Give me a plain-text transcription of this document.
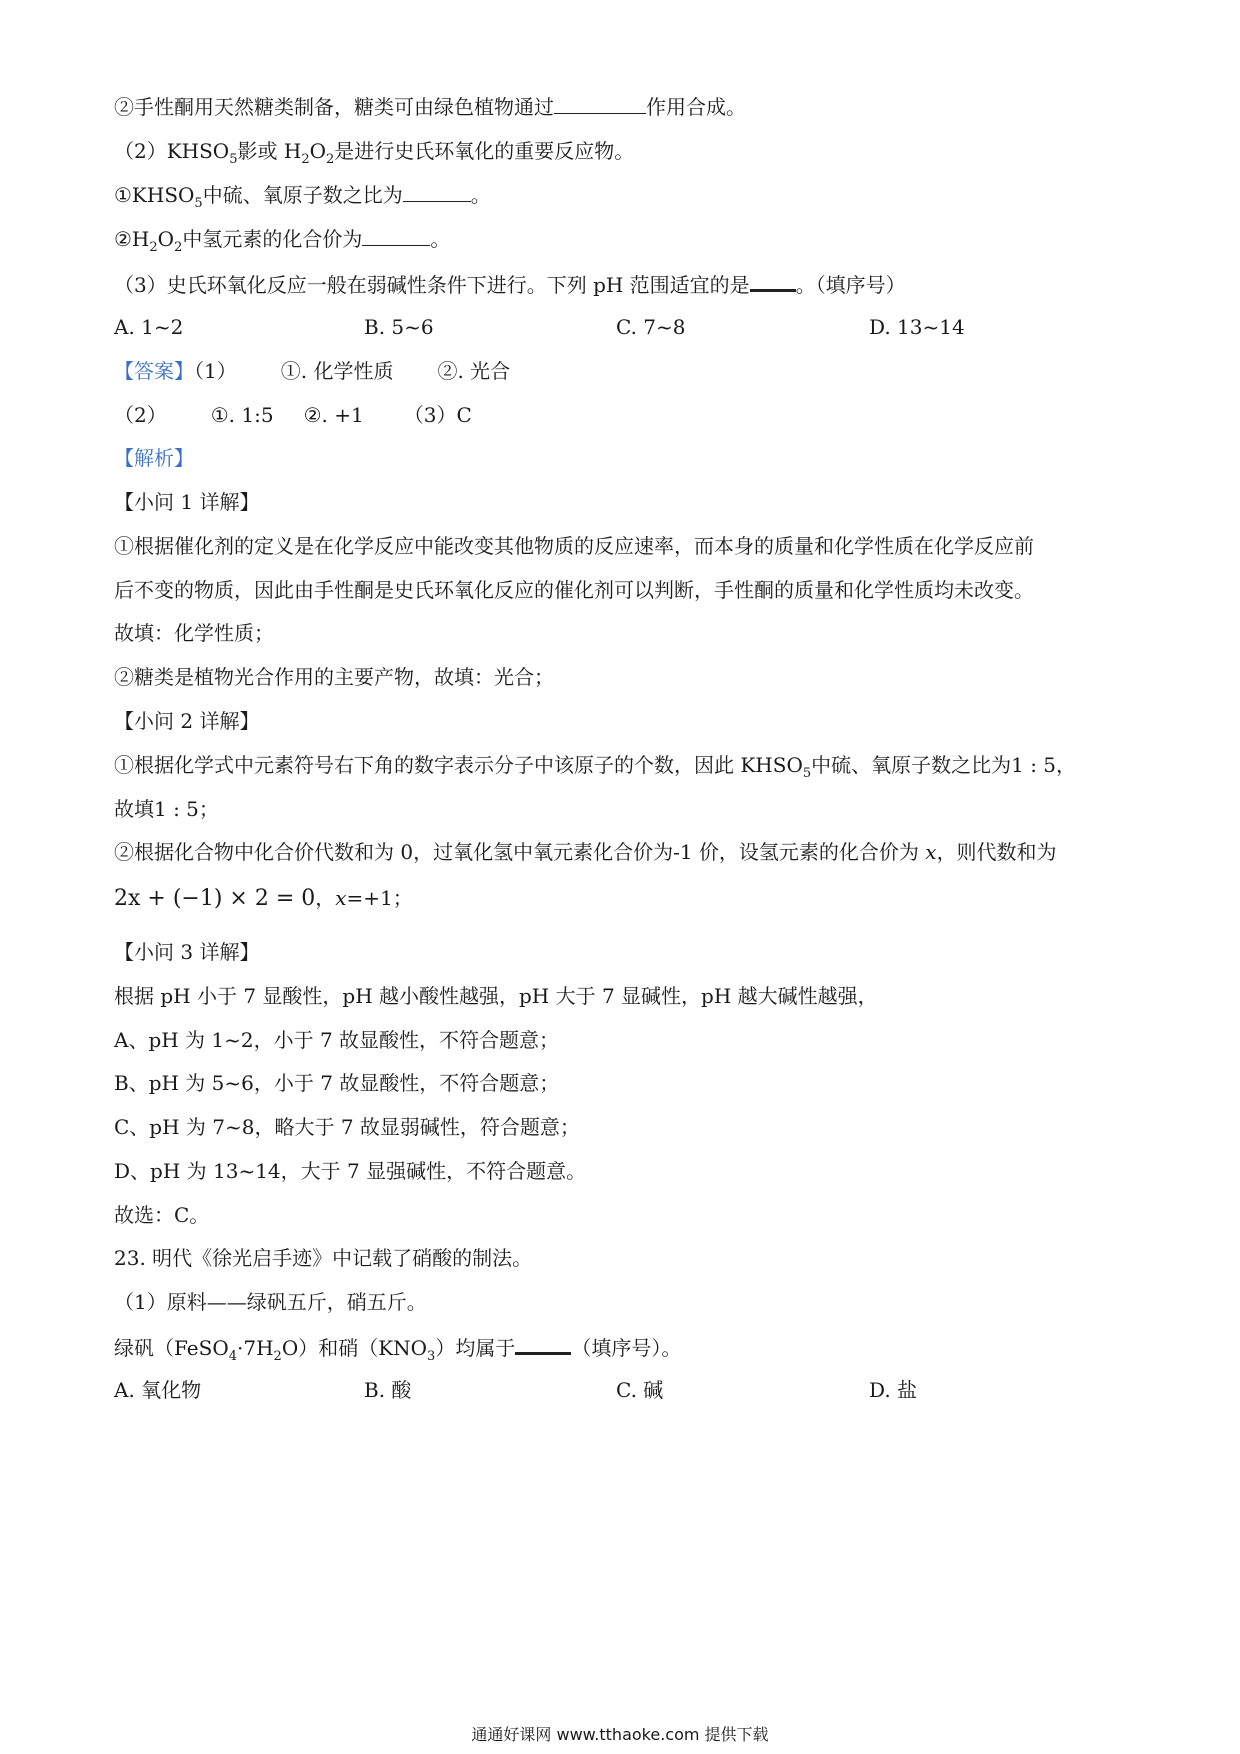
②手性酮用天然糖类制备，糖类可由绿色植物通过	作用合成。
$(2)KHSO_5$影或 $H_2O_2$是进行史氏环氧化的重要反应物。
$①KHSO_5$中硫、氧原子数之比为	。
$②H_2O_2$中氢元素的化合价为	。
（3）史氏环氧化反应一般在弱碱性条件下进行。下列 pH 范围适宜的是 。（填序号）
A. 1~2	B. 5~6	C. 7~8	D. 13~14
【答案】（1） ①. 化学性质 ②. 光合
（2） ①. 1:5 ②. +1 （3）C
【解析】
【小问 1 详解】
①根据催化剂的定义是在化学反应中能改变其他物质的反应速率，而本身的质量和化学性质在化学反应前
后不变的物质，因此由手性酮是史氏环氧化反应的催化剂可以判断，手性酮的质量和化学性质均未改变。
故填：化学性质；
②糖类是植物光合作用的主要产物，故填：光合；
【小问 2 详解】
①根据化学式中元素符号右下角的数字表示分子中该原子的个数，因此 $KHSO_5$中硫、氧原子数之比为1 : 5，
故填1 : 5；
②根据化合物中化合价代数和为 0，过氧化氢中氧元素化合价为-1 价，设氢元素的化合价为 x，则代数和为
2x + (−1) × 2 = 0，x=+1；
【小问 3 详解】
根据 pH 小于 7 显酸性，pH 越小酸性越强，pH 大于 7 显碱性，pH 越大碱性越强，
A、pH 为 1~2，小于 7 故显酸性，不符合题意；
B、pH 为 5~6，小于 7 故显酸性，不符合题意；
C、pH 为 7~8，略大于 7 故显弱碱性，符合题意；
D、pH 为 13~14，大于 7 显强碱性，不符合题意。
故选：C。
23. 明代《徐光启手迹》中记载了硝酸的制法。
（1）原料——绿矾五斤，硝五斤。
绿矾$(FeSO_4\cdot 7H_2O)$和硝$(KNO_3)$均属于	（填序号）。
A. 氧化物	B. 酸	C. 碱	D. 盐
通通好课网 www.tthaoke.com 提供下载
